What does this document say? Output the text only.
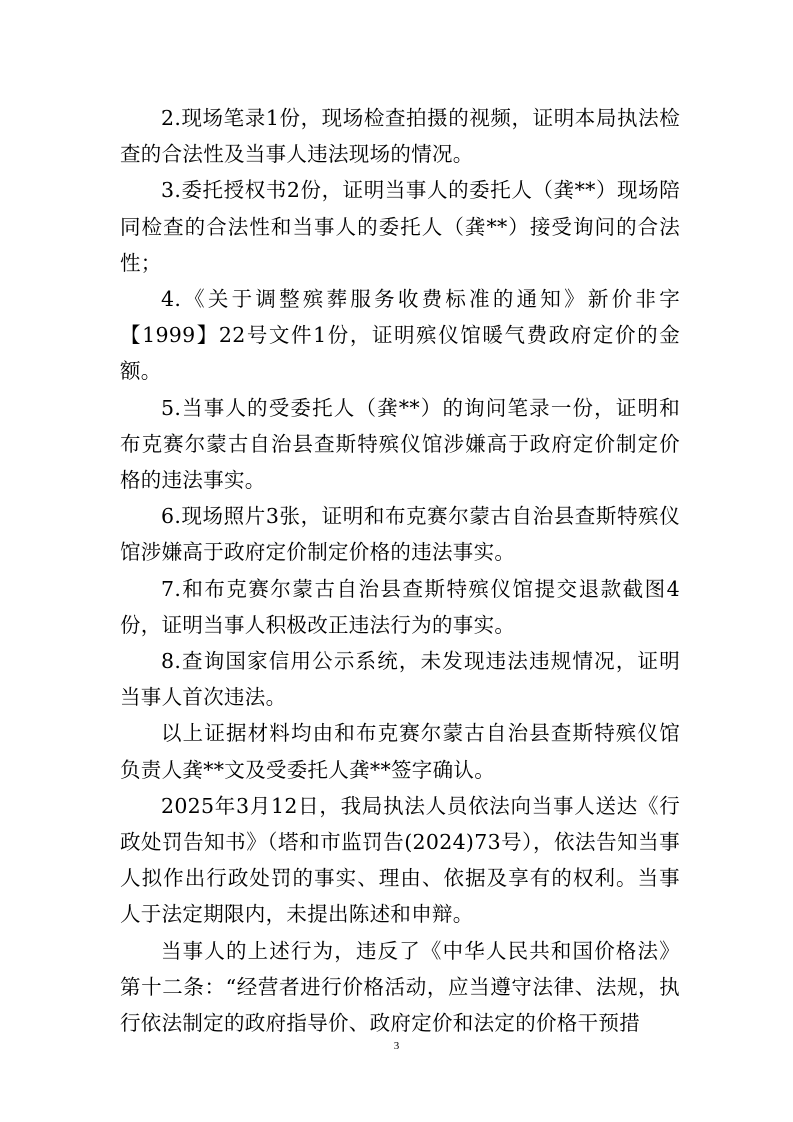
2.现场笔录1份，现场检查拍摄的视频，证明本局执法检查的合法性及当事人违法现场的情况。

3.委托授权书2份，证明当事人的委托人（龚**）现场陪同检查的合法性和当事人的委托人（龚**）接受询问的合法性；

4.《关于调整殡葬服务收费标准的通知》新价非字【1999】22号文件1份，证明殡仪馆暖气费政府定价的金额。

5.当事人的受委托人（龚**）的询问笔录一份，证明和布克赛尔蒙古自治县查斯特殡仪馆涉嫌高于政府定价制定价格的违法事实。

6.现场照片3张，证明和布克赛尔蒙古自治县查斯特殡仪馆涉嫌高于政府定价制定价格的违法事实。

7.和布克赛尔蒙古自治县查斯特殡仪馆提交退款截图4份，证明当事人积极改正违法行为的事实。

8.查询国家信用公示系统，未发现违法违规情况，证明当事人首次违法。

以上证据材料均由和布克赛尔蒙古自治县查斯特殡仪馆负责人龚**文及受委托人龚**签字确认。

2025年3月12日，我局执法人员依法向当事人送达《行政处罚告知书》（塔和市监罚告(2024)73号），依法告知当事人拟作出行政处罚的事实、理由、依据及享有的权利。当事人于法定期限内，未提出陈述和申辩。

当事人的上述行为，违反了《中华人民共和国价格法》第十二条：“经营者进行价格活动，应当遵守法律、法规，执行依法制定的政府指导价、政府定价和法定的价格干预措

3
